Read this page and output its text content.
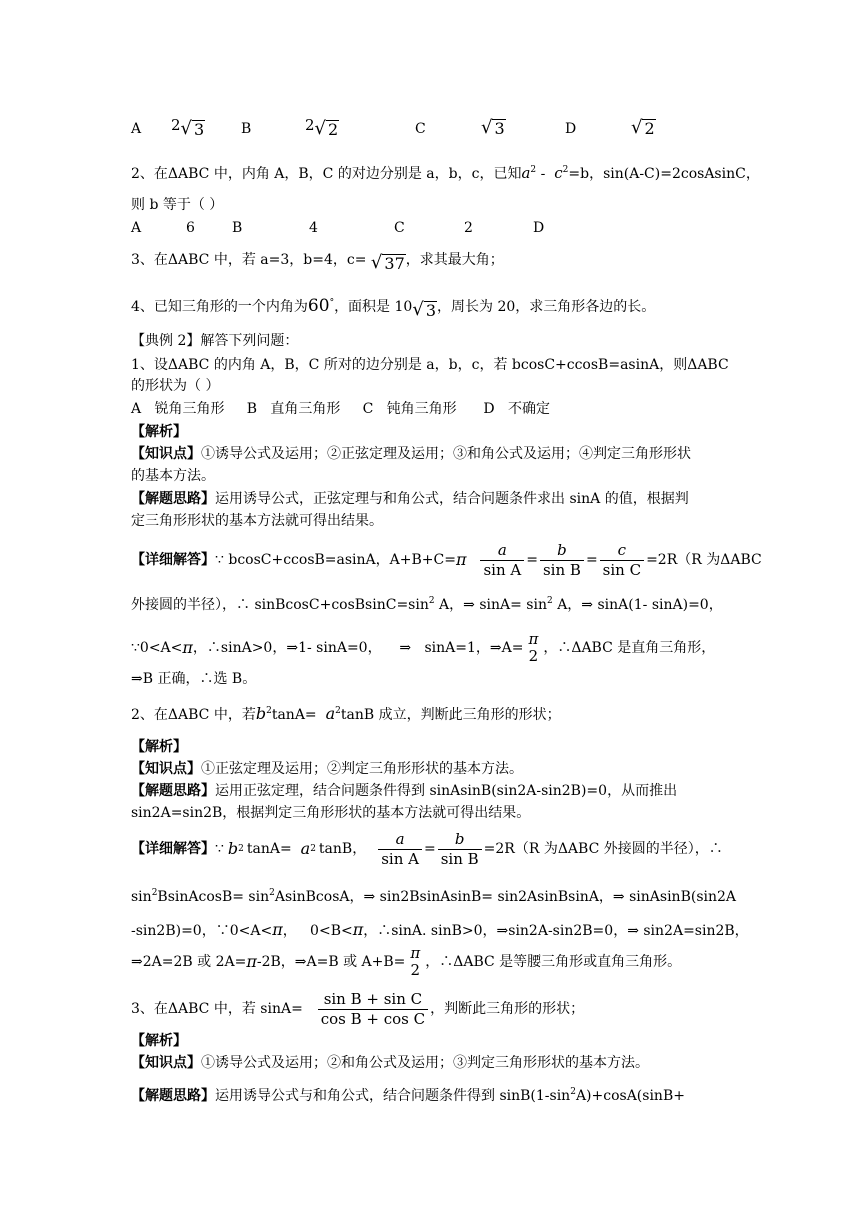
A 2 √ 3	B	2 √ 2	C	√ 3	D	√ 2
2、在ΔABC 中，内角 A，B，C 的对边分别是 a，b，c，已知$a^2 - c^2=b$，sin(A-C)=2cosAsinC，
则 b 等于（ ）
A	6	B	4	C	2	D
3、在ΔABC 中，若 a=3，b=4，c= √ 37 ，求其最大角；
4、已知三角形的一个内角为60°，面积是 10 √ 3 ，周长为 20，求三角形各边的长。
【典例 2】解答下列问题：
1、设ΔABC 的内角 A，B，C 所对的边分别是 a，b，c，若 bcosC+ccosB=asinA，则ΔABC
的形状为（ ）
A   锐角三角形     B   直角三角形     C   钝角三角形      D   不确定
【解析】
【知识点】①诱导公式及运用；②正弦定理及运用；③和角公式及运用；④判定三角形形状
的基本方法。
【解题思路】运用诱导公式，正弦定理与和角公式，结合问题条件求出 sinA 的值，根据判
定三角形形状的基本方法就可得出结果。
【详细解答】 ∵ bcosC+ccosB=asinA，A+B+C= π $\frac{a}{\text{sin A}} = \frac{b}{\text{sin B}} = \frac{c}{\text{sin C}} =2R(R$ 为ΔABC
外接圆的半径），∴ $sinBcosC+cosBsinC=\sin^2$ A，⇒ $\sin A= \sin^2 A$，⇒ sinA(1- sinA)=0，
∵0<A< π ，∴sinA>0，⇒1- sinA=0，    ⇒   sinA=1，⇒A= π
2 ，∴ΔABC 是直角三角形，
⇒B 正确，∴选 B。
2、在ΔABC 中，若$b^2\tan A= a^2\tan B$ 成立，判断此三角形的形状；
【解析】
【知识点】①正弦定理及运用；②判定三角形形状的基本方法。
【解题思路】运用正弦定理，结合问题条件得到 sinAsinB(sin2A-sin2B)=0，从而推出
sin2A=sin2B，根据判定三角形形状的基本方法就可得出结果。
【详细解答】 ∵ b 2 tanA= a 2 tanB， $\frac{a}{\text{sin A}} = \frac{b}{\text{sin B}} =2R(R$ 为ΔABC 外接圆的半径），∴
$\sin^2BsinAcosB=$ $\sin^2AsinBcosA$，⇒ sin2BsinAsinB= sin2AsinBsinA，⇒ sinAsinB(sin2A
-sin2B)=0，∵0<A<π，   0<B<π，∴sinA. sinB>0，⇒sin2A-sin2B=0，⇒ sin2A=sin2B，
⇒2A=2B 或 2A= π -2B，⇒A=B 或 A+B= π
2 ，∴ΔABC 是等腰三角形或直角三角形。
3、在ΔABC 中，若 $\sin A= \frac{\text{sin B + sin C}}{\text{cos B + cos C}}$ ，判断此三角形的形状；
【解析】
【知识点】①诱导公式及运用；②和角公式及运用；③判定三角形形状的基本方法。
【解题思路】运用诱导公式与和角公式，结合问题条件得到 $\sin B(1-\sin^2A)+\cos A(\sin B+$
